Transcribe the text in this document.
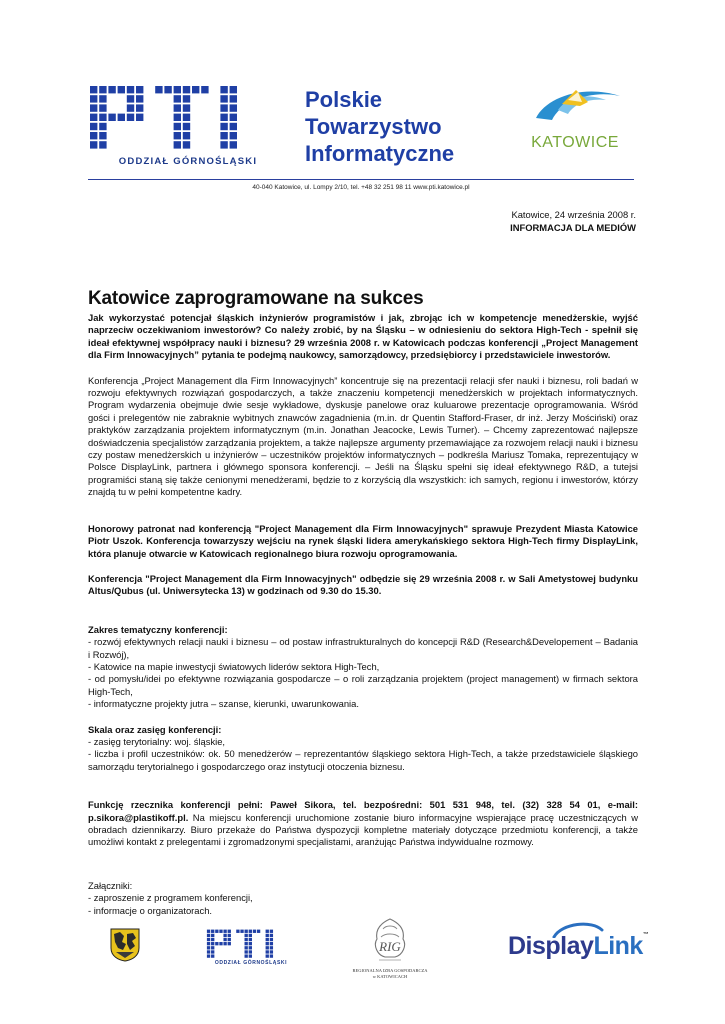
ODDZIAŁ GÓRNOŚLĄSKI
Polskie
Towarzystwo
Informatyczne	KATOWICE
40-040 Katowice, ul. Lompy 2/10, tel. +48 32 251 98 11 www.pti.katowice.pl
Katowice, 24 września 2008 r.
INFORMACJA DLA MEDIÓW
Katowice zaprogramowane na sukces

Jak wykorzystać potencjał śląskich inżynierów programistów i jak, zbrojąc ich w kompetencje menedżerskie, wyjść naprzeciw oczekiwaniom inwestorów? Co należy zrobić, by na Śląsku – w odniesieniu do sektora High-Tech - spełnił się ideał efektywnej współpracy nauki i biznesu? 29 września 2008 r. w Katowicach podczas konferencji „Project Management dla Firm Innowacyjnych” pytania te podejmą naukowcy, samorządowcy, przedsiębiorcy i przedstawiciele inwestorów.

Konferencja „Project Management dla Firm Innowacyjnych” koncentruje się na prezentacji relacji sfer nauki i biznesu, roli badań w rozwoju efektywnych rozwiązań gospodarczych, a także znaczeniu kompetencji menedżerskich w projektach informatycznych. Program wydarzenia obejmuje dwie sesje wykładowe, dyskusje panelowe oraz kuluarowe prezentacje oprogramowania. Wśród gości i prelegentów nie zabraknie wybitnych znawców zagadnienia (m.in. dr Quentin Stafford-Fraser, dr inż. Jerzy Mościński) oraz praktyków zarządzania projektem informatycznym (m.in. Jonathan Jeacocke, Lewis Turner). – Chcemy zaprezentować najlepsze doświadczenia specjalistów zarządzania projektem, a także najlepsze argumenty przemawiające za rozwojem relacji nauki i biznesu czy postaw menedżerskich u inżynierów – uczestników projektów informatycznych – podkreśla Mariusz Tomaka, reprezentujący w Polsce DisplayLink, partnera i głównego sponsora konferencji. – Jeśli na Śląsku spełni się ideał efektywnego R&D, a tutejsi programiści staną się także cenionymi menedżerami, będzie to z korzyścią dla wszystkich: ich samych, regionu i inwestorów, którzy znajdą tu w pełni kompetentne kadry.

Honorowy patronat nad konferencją "Project Management dla Firm Innowacyjnych" sprawuje Prezydent Miasta Katowice Piotr Uszok. Konferencja towarzyszy wejściu na rynek śląski lidera amerykańskiego sektora High-Tech firmy DisplayLink, która planuje otwarcie w Katowicach regionalnego biura rozwoju oprogramowania.

Konferencja "Project Management dla Firm Innowacyjnych" odbędzie się 29 września 2008 r. w Sali Ametystowej budynku Altus/Qubus (ul. Uniwersytecka 13) w godzinach od 9.30 do 15.30.

Zakres tematyczny konferencji:

- rozwój efektywnych relacji nauki i biznesu – od postaw infrastrukturalnych do koncepcji R&D (Research&Developement – Badania i Rozwój),

- Katowice na mapie inwestycji światowych liderów sektora High-Tech,

- od pomysłu/idei po efektywne rozwiązania gospodarcze – o roli zarządzania projektem (project management) w firmach sektora High-Tech,

- informatyczne projekty jutra – szanse, kierunki, uwarunkowania.

Skala oraz zasięg konferencji:

- zasięg terytorialny: woj. śląskie,

- liczba i profil uczestników: ok. 50 menedżerów – reprezentantów śląskiego sektora High-Tech, a także przedstawiciele śląskiego samorządu terytorialnego i gospodarczego oraz instytucji otoczenia biznesu.

Funkcję rzecznika konferencji pełni: Paweł Sikora, tel. bezpośredni: 501 531 948, tel. (32) 328 54 01, e-mail: p.sikora@plastikoff.pl. Na miejscu konferencji uruchomione zostanie biuro informacyjne wspierające pracę uczestniczących w obradach dziennikarzy. Biuro przekaże do Państwa dyspozycji kompletne materiały dotyczące przedmiotu konferencji, a także umożliwi kontakt z prelegentami i zgromadzonymi specjalistami, aranżując Państwa indywidualne rozmowy.

Załączniki:

- zaproszenie z programem konferencji,

- informacje o organizatorach.

ODDZIAŁ GÓRNOŚLĄSKI
RIG
REGIONALNA IZBA GOSPODARCZA
w KATOWICACH
DisplayLink™
